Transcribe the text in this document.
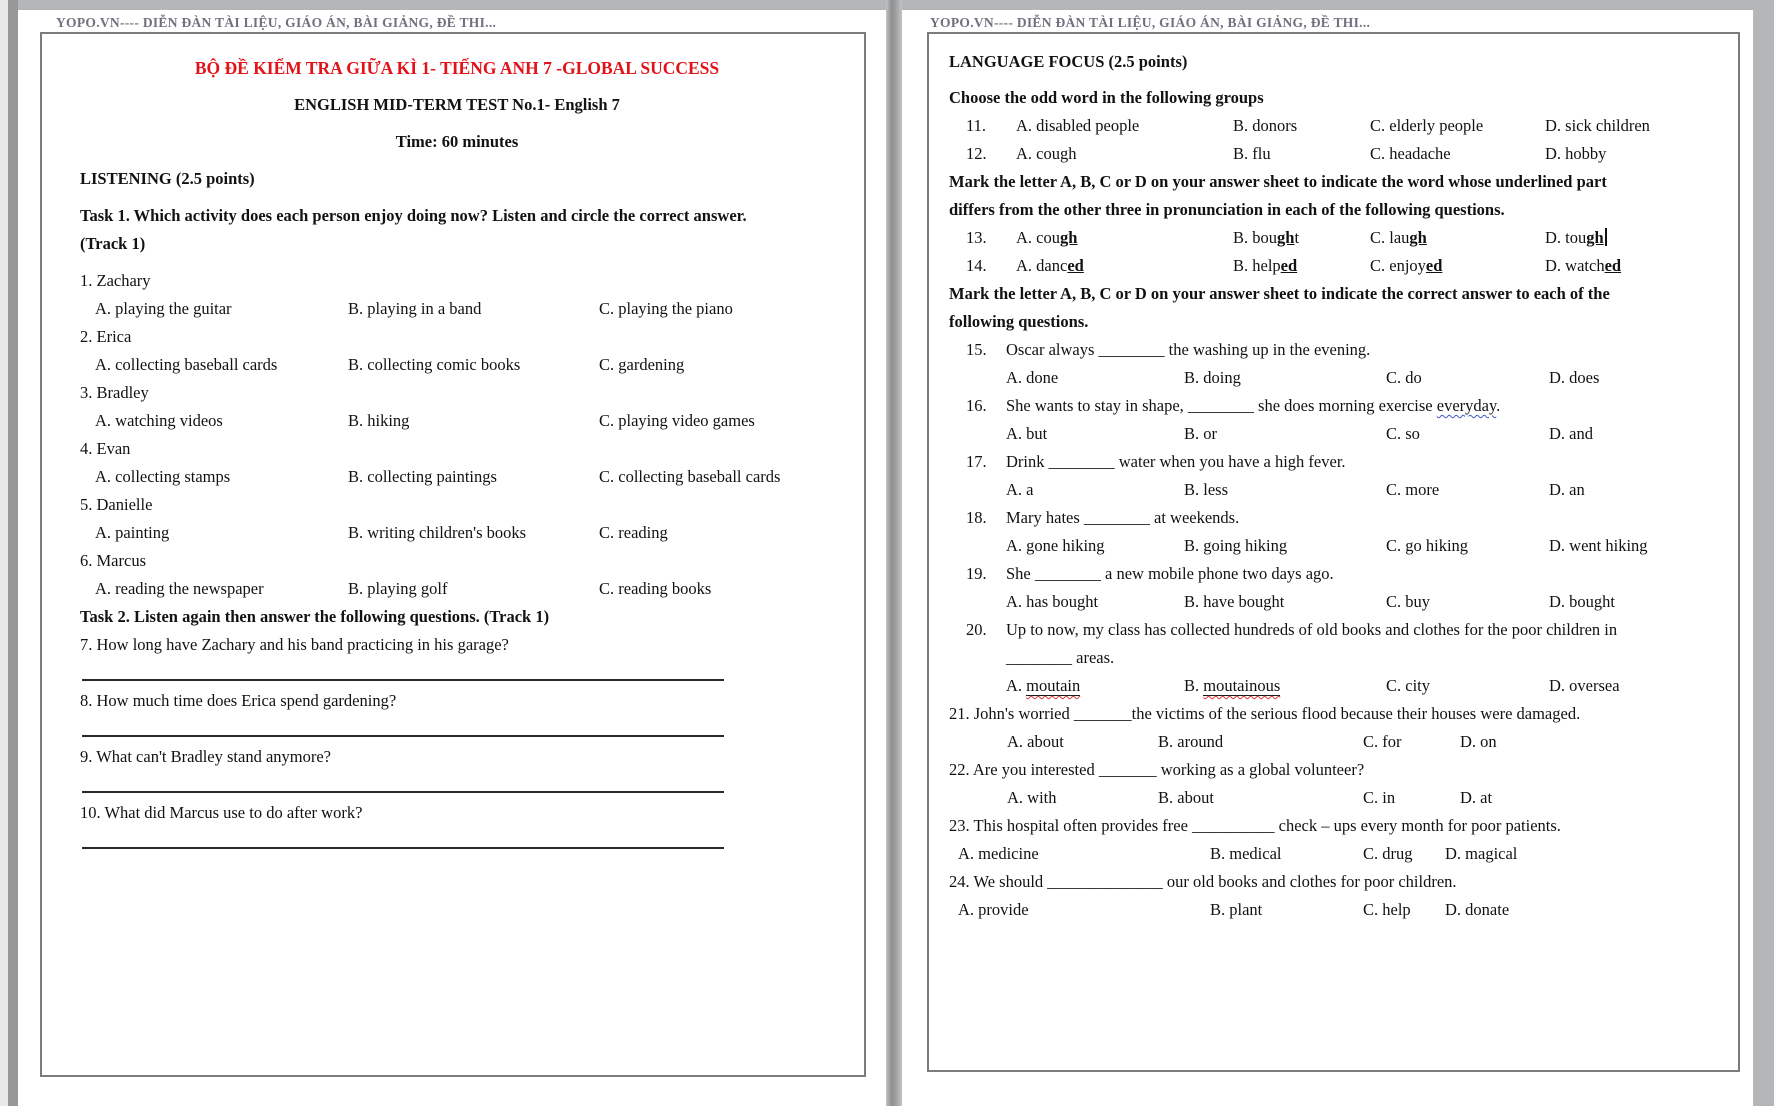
YOPO.VN---- DIỄN ĐÀN TÀI LIỆU, GIÁO ÁN, BÀI GIẢNG, ĐỀ THI...
BỘ ĐỀ KIỂM TRA GIỮA KÌ 1- TIẾNG ANH 7 -GLOBAL SUCCESS
ENGLISH MID-TERM TEST No.1- English 7
Time: 60 minutes
LISTENING (2.5 points)
Task 1. Which activity does each person enjoy doing now? Listen and circle the correct answer.
(Track 1)
1. Zachary
A. playing the guitar	B. playing in a band	C. playing the piano
2. Erica
A. collecting baseball cards	B. collecting comic books	C. gardening
3. Bradley
A. watching videos	B. hiking	C. playing video games
4. Evan
A. collecting stamps	B. collecting paintings	C. collecting baseball cards
5. Danielle
A. painting	B. writing children's books	C. reading
6. Marcus
A. reading the newspaper	B. playing golf	C. reading books
Task 2. Listen again then answer the following questions. (Track 1)
7. How long have Zachary and his band practicing in his garage?
8. How much time does Erica spend gardening?
9. What can't Bradley stand anymore?
10. What did Marcus use to do after work?
YOPO.VN---- DIỄN ĐÀN TÀI LIỆU, GIÁO ÁN, BÀI GIẢNG, ĐỀ THI...
LANGUAGE FOCUS (2.5 points)
Choose the odd word in the following groups
11.	A. disabled people	B. donors	C. elderly people	D. sick children
12.	A. cough	B. flu	C. headache	D. hobby
Mark the letter A, B, C or D on your answer sheet to indicate the word whose underlined part
differs from the other three in pronunciation in each of the following questions.
13.	A. cough	B. bought	C. laugh	D. tough
14.	A. danced	B. helped	C. enjoyed	D. watched
Mark the letter A, B, C or D on your answer sheet to indicate the correct answer to each of the
following questions.
15.	Oscar always ________ the washing up in the evening.
A. done	B. doing	C. do	D. does
16.	She wants to stay in shape, ________ she does morning exercise everyday.
A. but	B. or	C. so	D. and
17.	Drink ________ water when you have a high fever.
A. a	B. less	C. more	D. an
18.	Mary hates ________ at weekends.
A. gone hiking	B. going hiking	C. go hiking	D. went hiking
19.	She ________ a new mobile phone two days ago.
A. has bought	B. have bought	C. buy	D. bought
20.	Up to now, my class has collected hundreds of old books and clothes for the poor children in
________ areas.
A. moutain	B. moutainous	C. city	D. oversea
21. John's worried _______the victims of the serious flood because their houses were damaged.
A. about	B. around	C. for	D. on
22. Are you interested _______ working as a global volunteer?
A. with	B. about	C. in	D. at
23. This hospital often provides free __________ check – ups every month for poor patients.
A. medicine	B. medical	C. drug	D. magical
24. We should ______________ our old books and clothes for poor children.
A. provide	B. plant	C. help	D. donate
